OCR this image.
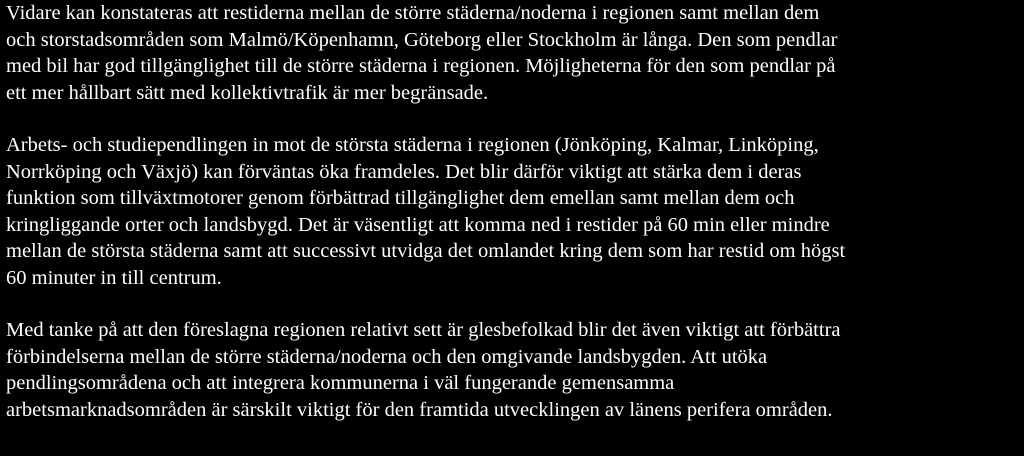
Vidare kan konstateras att restiderna mellan de större städerna/noderna i regionen samt mellan dem
och storstadsområden som Malmö/Köpenhamn, Göteborg eller Stockholm är långa. Den som pendlar
med bil har god tillgänglighet till de större städerna i regionen. Möjligheterna för den som pendlar på
ett mer hållbart sätt med kollektivtrafik är mer begränsade.

Arbets- och studiependlingen in mot de största städerna i regionen (Jönköping, Kalmar, Linköping,
Norrköping och Växjö) kan förväntas öka framdeles. Det blir därför viktigt att stärka dem i deras
funktion som tillväxtmotorer genom förbättrad tillgänglighet dem emellan samt mellan dem och
kringliggande orter och landsbygd. Det är väsentligt att komma ned i restider på 60 min eller mindre
mellan de största städerna samt att successivt utvidga det omlandet kring dem som har restid om högst
60 minuter in till centrum.

Med tanke på att den föreslagna regionen relativt sett är glesbefolkad blir det även viktigt att förbättra
förbindelserna mellan de större städerna/noderna och den omgivande landsbygden. Att utöka
pendlingsområdena och att integrera kommunerna i väl fungerande gemensamma
arbetsmarknadsområden är särskilt viktigt för den framtida utvecklingen av länens perifera områden.
